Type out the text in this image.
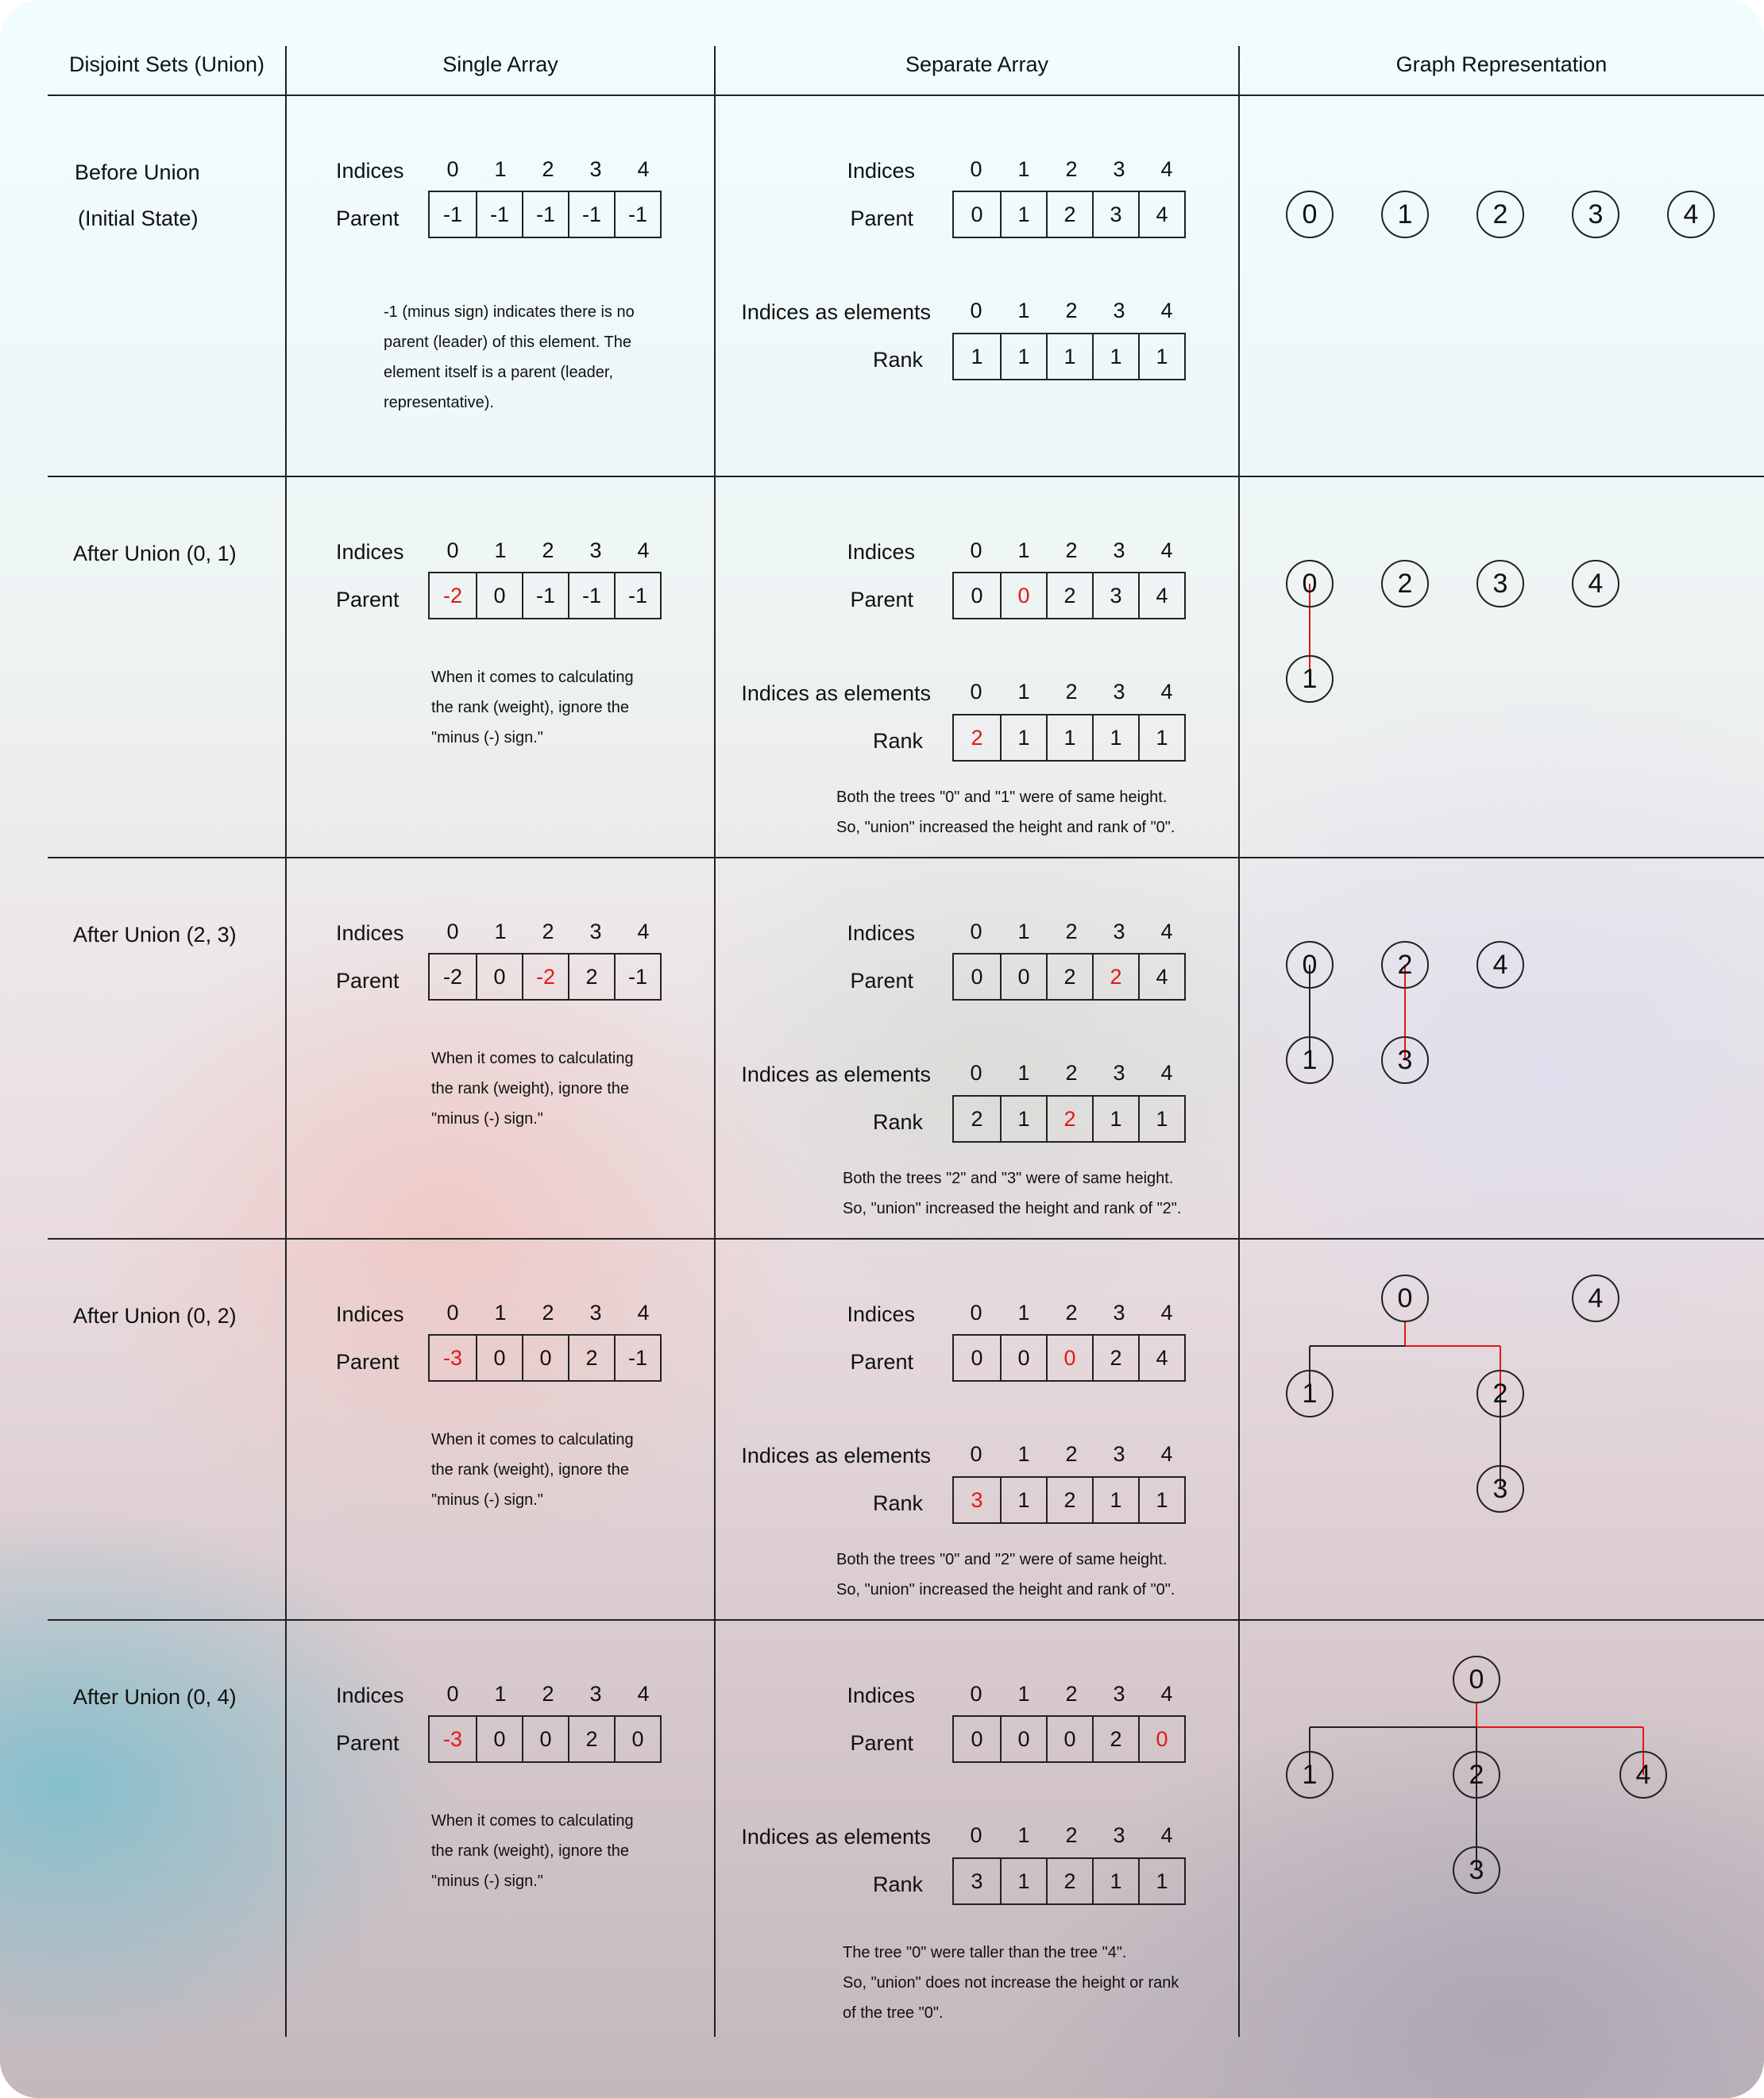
Disjoint Sets (Union)	Single Array	Separate Array	Graph Representation
Before Union
(Initial State)
Indices	0	1	2	3	4
Parent	-1	-1	-1	-1	-1
-1 (minus sign) indicates there is no
parent (leader) of this element. The
element itself is a parent (leader,
representative).
Indices	0	1	2	3	4
Parent	0	1	2	3	4
Indices as elements	0	1	2	3	4
Rank	1	1	1	1	1
After Union (0, 1)	Indices	0	1	2	3	4
Parent	-2	0	-1	-1	-1
When it comes to calculating
the rank (weight), ignore the
"minus (-) sign."
Indices	0	1	2	3	4
Parent	0	0	2	3	4
Indices as elements	0	1	2	3	4
Rank	2	1	1	1	1
Both the trees "0" and "1" were of same height.
So, "union" increased the height and rank of "0".
After Union (2, 3)	Indices	0	1	2	3	4
Parent	-2	0	-2	2	-1
When it comes to calculating
the rank (weight), ignore the
"minus (-) sign."
Indices	0	1	2	3	4
Parent	0	0	2	2	4
Indices as elements	0	1	2	3	4
Rank	2	1	2	1	1
Both the trees "2" and "3" were of same height.
So, "union" increased the height and rank of "2".
After Union (0, 2)	Indices	0	1	2	3	4
Parent	-3	0	0	2	-1
When it comes to calculating
the rank (weight), ignore the
"minus (-) sign."
Indices	0	1	2	3	4
Parent	0	0	0	2	4
Indices as elements	0	1	2	3	4
Rank	3	1	2	1	1
Both the trees "0" and "2" were of same height.
So, "union" increased the height and rank of "0".
After Union (0, 4)	Indices	0	1	2	3	4
Parent	-3	0	0	2	0
When it comes to calculating
the rank (weight), ignore the
"minus (-) sign."
Indices	0	1	2	3	4
Parent	0	0	0	2	0
Indices as elements	0	1	2	3	4
Rank	3	1	2	1	1
The tree "0" were taller than the tree "4".
So, "union" does not increase the height or rank
of the tree "0".
0	1	2	3	4
0	2	3	4
1
0	2	4
1	3
0	4
1	2
3
0
1	2	4
3
